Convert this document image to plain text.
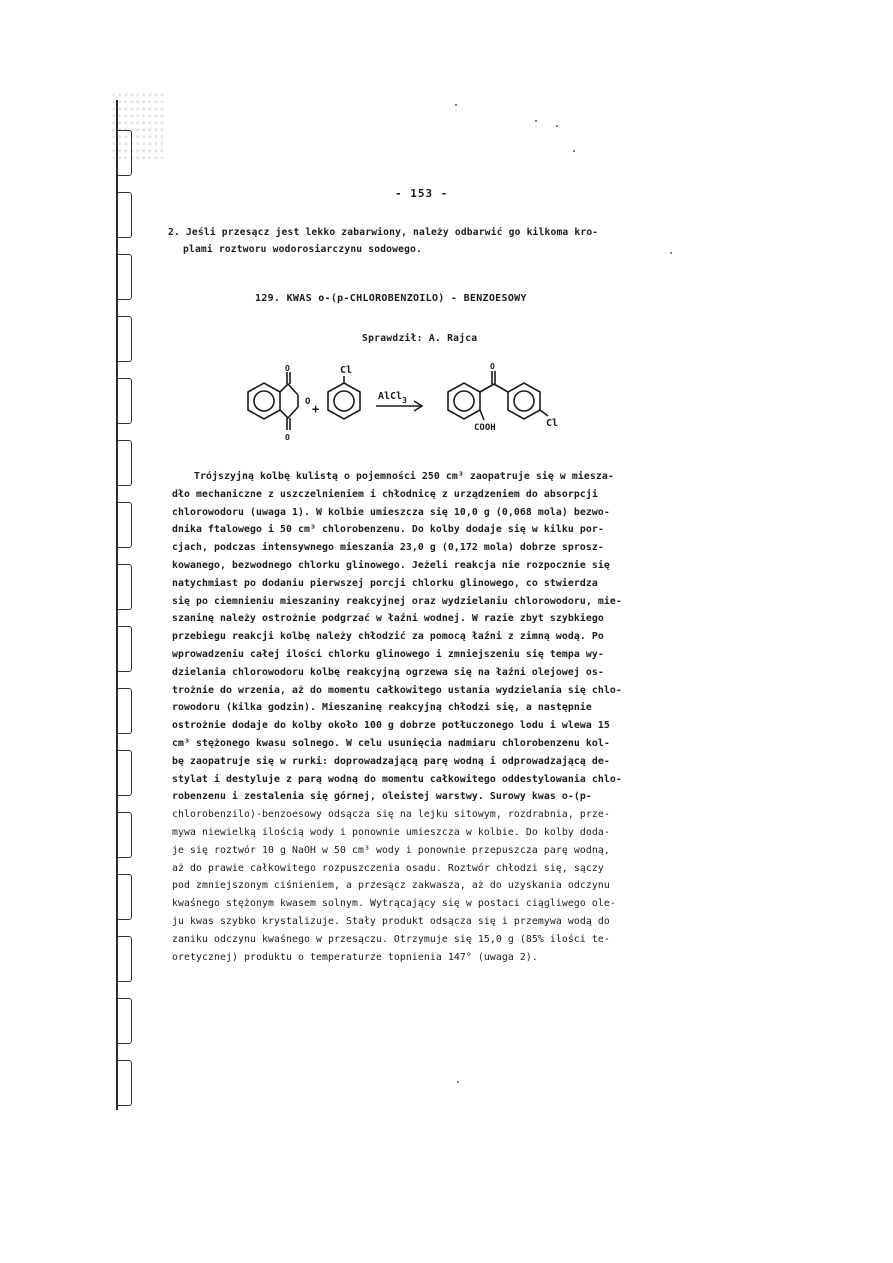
- 153 -
2. Jeśli przesącz jest lekko zabarwiony, należy odbarwić go kilkoma kro-
plami roztworu wodorosiarczynu sodowego.
129. KWAS o-(p-CHLOROBENZOILO) - BENZOESOWY
Sprawdził: A. Rajca
O
O
O +
Cl
AlCl$_3$
O
COOH	Cl
Trójszyjną kolbę kulistą o pojemności 250 cm³ zaopatruje się w miesza-
dło mechaniczne z uszczelnieniem i chłodnicę z urządzeniem do absorpcji
chlorowodoru (uwaga 1). W kolbie umieszcza się 10,0 g (0,068 mola) bezwo-
dnika ftalowego i 50 cm³ chlorobenzenu. Do kolby dodaje się w kilku por-
cjach, podczas intensywnego mieszania 23,0 g (0,172 mola) dobrze sprosz-
kowanego, bezwodnego chlorku glinowego. Jeżeli reakcja nie rozpocznie się
natychmiast po dodaniu pierwszej porcji chlorku glinowego, co stwierdza
się po ciemnieniu mieszaniny reakcyjnej oraz wydzielaniu chlorowodoru, mie-
szaninę należy ostrożnie podgrzać w łaźni wodnej. W razie zbyt szybkiego
przebiegu reakcji kolbę należy chłodzić za pomocą łaźni z zimną wodą. Po
wprowadzeniu całej ilości chlorku glinowego i zmniejszeniu się tempa wy-
dzielania chlorowodoru kolbę reakcyjną ogrzewa się na łaźni olejowej os-
trożnie do wrzenia, aż do momentu całkowitego ustania wydzielania się chlo-
rowodoru (kilka godzin). Mieszaninę reakcyjną chłodzi się, a następnie
ostrożnie dodaje do kolby około 100 g dobrze potłuczonego lodu i wlewa 15
cm³ stężonego kwasu solnego. W celu usunięcia nadmiaru chlorobenzenu kol-
bę zaopatruje się w rurki: doprowadzającą parę wodną i odprowadzającą de-
stylat i destyluje z parą wodną do momentu całkowitego oddestylowania chlo-
robenzenu i zestalenia się górnej, oleistej warstwy. Surowy kwas o-(p-
chlorobenzilo)-benzoesowy odsącza się na lejku sitowym, rozdrabnia, prze-
mywa niewielką ilością wody i ponownie umieszcza w kolbie. Do kolby doda-
je się roztwór 10 g NaOH w 50 cm³ wody i ponownie przepuszcza parę wodną,
aż do prawie całkowitego rozpuszczenia osadu. Roztwór chłodzi się, sączy
pod zmniejszonym ciśnieniem, a przesącz zakwasza, aż do uzyskania odczynu
kwaśnego stężonym kwasem solnym. Wytrącający się w postaci ciągliwego ole-
ju kwas szybko krystalizuje. Stały produkt odsącza się i przemywa wodą do
zaniku odczynu kwaśnego w przesączu. Otrzymuje się 15,0 g (85% ilości te-
oretycznej) produktu o temperaturze topnienia 147° (uwaga 2).
